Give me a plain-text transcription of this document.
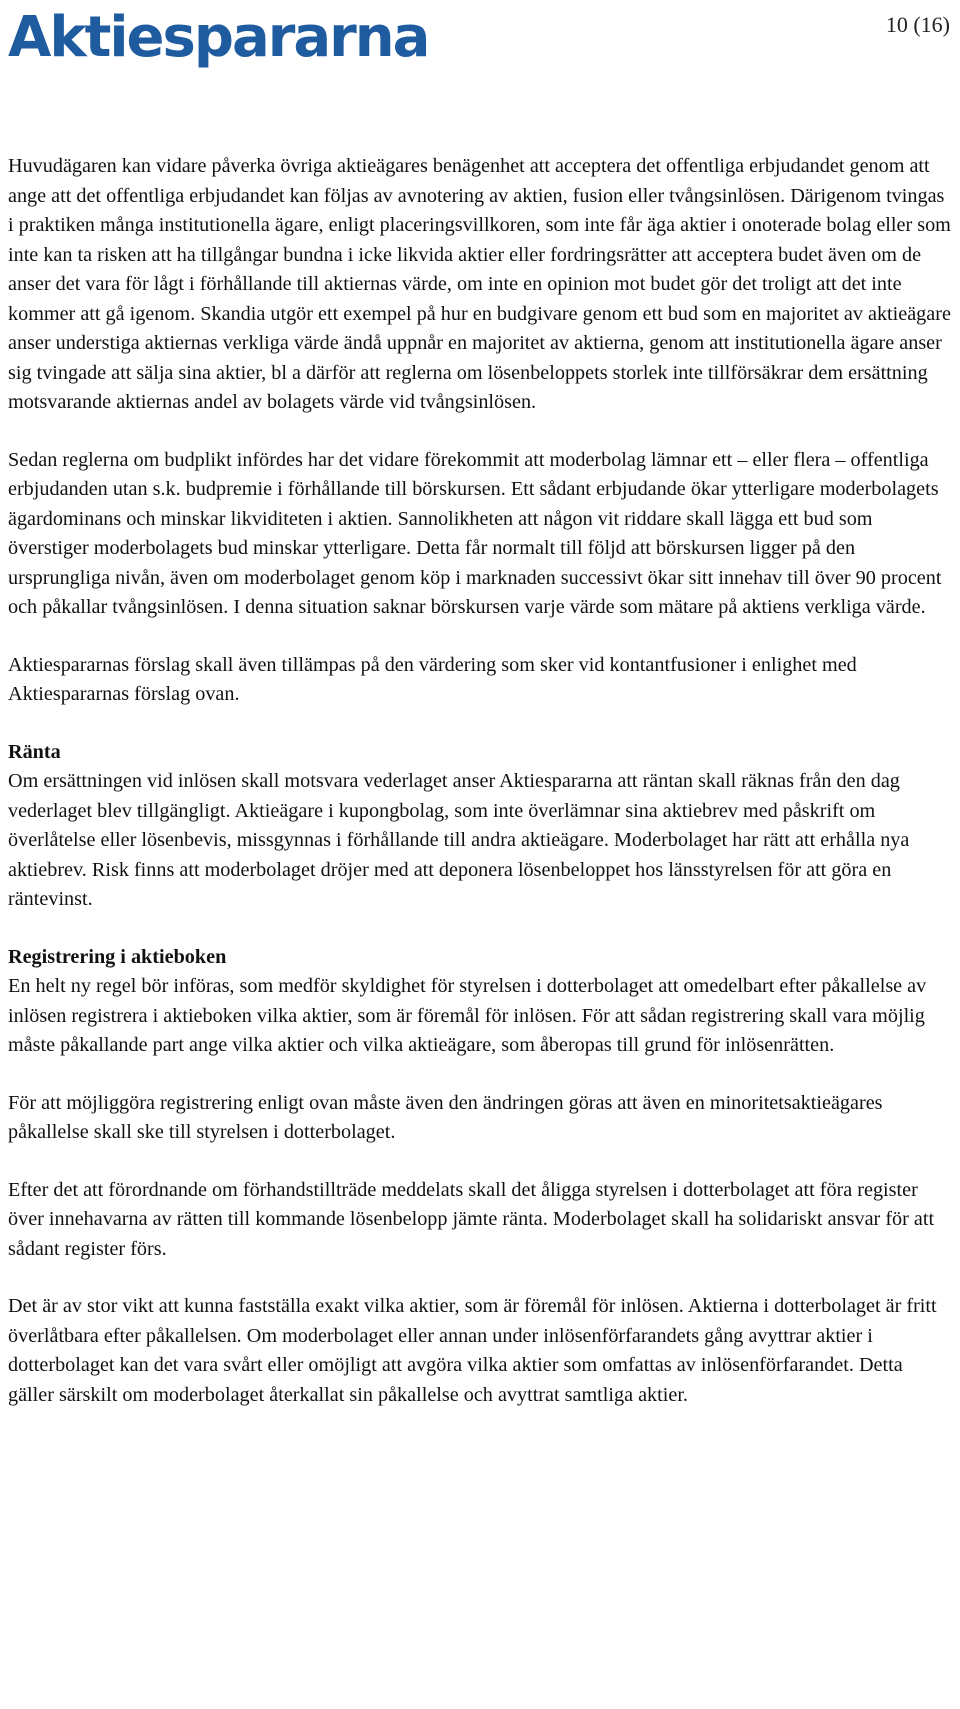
Aktiespararna	10 (16)

Huvudägaren kan vidare påverka övriga aktieägares benägenhet att acceptera det offentliga erbjudandet genom att ange att det offentliga erbjudandet kan följas av avnotering av aktien, fusion eller tvångsinlösen. Därigenom tvingas i praktiken många institutionella ägare, enligt placeringsvillkoren, som inte får äga aktier i onoterade bolag eller som inte kan ta risken att ha tillgångar bundna i icke likvida aktier eller fordringsrätter att acceptera budet även om de anser det vara för lågt i förhållande till aktiernas värde, om inte en opinion mot budet gör det troligt att det inte kommer att gå igenom. Skandia utgör ett exempel på hur en budgivare genom ett bud som en majoritet av aktieägare anser understiga aktiernas verkliga värde ändå uppnår en majoritet av aktierna, genom att institutionella ägare anser sig tvingade att sälja sina aktier, bl a därför att reglerna om lösenbeloppets storlek inte tillförsäkrar dem ersättning motsvarande aktiernas andel av bolagets värde vid tvångsinlösen.

Sedan reglerna om budplikt infördes har det vidare förekommit att moderbolag lämnar ett – eller flera – offentliga erbjudanden utan s.k. budpremie i förhållande till börskursen. Ett sådant erbjudande ökar ytterligare moderbolagets ägardominans och minskar likviditeten i aktien. Sannolikheten att någon vit riddare skall lägga ett bud som överstiger moderbolagets bud minskar ytterligare. Detta får normalt till följd att börskursen ligger på den ursprungliga nivån, även om moderbolaget genom köp i marknaden successivt ökar sitt innehav till över 90 procent och påkallar tvångsinlösen. I denna situation saknar börskursen varje värde som mätare på aktiens verkliga värde.

Aktiespararnas förslag skall även tillämpas på den värdering som sker vid kontantfusioner i enlighet med Aktiespararnas förslag ovan.

Ränta

Om ersättningen vid inlösen skall motsvara vederlaget anser Aktiespararna att räntan skall räknas från den dag vederlaget blev tillgängligt. Aktieägare i kupongbolag, som inte överlämnar sina aktiebrev med påskrift om överlåtelse eller lösenbevis, missgynnas i förhållande till andra aktieägare. Moderbolaget har rätt att erhålla nya aktiebrev. Risk finns att moderbolaget dröjer med att deponera lösenbeloppet hos länsstyrelsen för att göra en räntevinst.

Registrering i aktieboken

En helt ny regel bör införas, som medför skyldighet för styrelsen i dotterbolaget att omedelbart efter påkallelse av inlösen registrera i aktieboken vilka aktier, som är föremål för inlösen. För att sådan registrering skall vara möjlig måste påkallande part ange vilka aktier och vilka aktieägare, som åberopas till grund för inlösenrätten.

För att möjliggöra registrering enligt ovan måste även den ändringen göras att även en minoritetsaktieägares påkallelse skall ske till styrelsen i dotterbolaget.

Efter det att förordnande om förhandstillträde meddelats skall det åligga styrelsen i dotterbolaget att föra register över innehavarna av rätten till kommande lösenbelopp jämte ränta. Moderbolaget skall ha solidariskt ansvar för att sådant register förs.

Det är av stor vikt att kunna fastställa exakt vilka aktier, som är föremål för inlösen. Aktierna i dotterbolaget är fritt överlåtbara efter påkallelsen. Om moderbolaget eller annan under inlösenförfarandets gång avyttrar aktier i dotterbolaget kan det vara svårt eller omöjligt att avgöra vilka aktier som omfattas av inlösenförfarandet. Detta gäller särskilt om moderbolaget återkallat sin påkallelse och avyttrat samtliga aktier.
